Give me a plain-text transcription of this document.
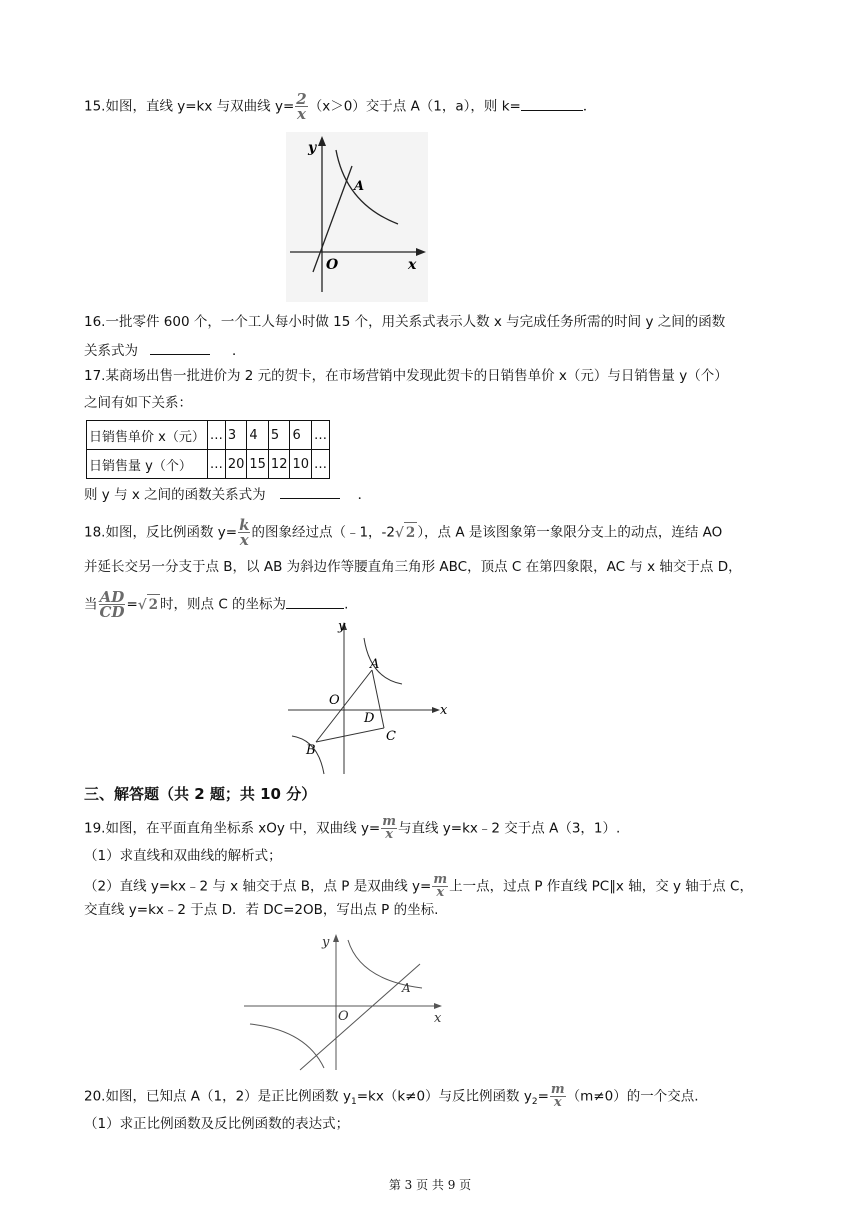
15.如图，直线 y=kx 与双曲线 $y= \frac{2}{x} (x>0)$交于点 A（1，a），则 k=	．
y
x
O
A
16.一批零件 600 个，一个工人每小时做 15 个，用关系式表示人数 x 与完成任务所需的时间 y 之间的函数
关系式为	．
17.某商场出售一批进价为 2 元的贺卡，在市场营销中发现此贺卡的日销售单价 x（元）与日销售量 y（个）
之间有如下关系：
日销售单价 x（元）	…	3	4	5	6	…
日销售量 y（个）	…	20	15	12	10	…
则 y 与 x 之间的函数关系式为	．
18.如图，反比例函数 $y= \frac{k}{x}$ 的图象经过点（﹣1，-2√ 2 ），点 A 是该图象第一象限分支上的动点，连结 AO
并延长交另一分支于点 B，以 AB 为斜边作等腰直角三角形 ABC，顶点 C 在第四象限，AC 与 x 轴交于点 D，
当 $\frac{AD}{CD}$ =√ 2 时，则点 C 的坐标为	.
y
x
O
A
B
C
D
三、解答题（共 2 题；共 10 分）
19.如图，在平面直角坐标系 xOy 中，双曲线 $y= \frac{m}{x}$ 与直线 y=kx﹣2 交于点 A（3，1）.
（1）求直线和双曲线的解析式；
（2）直线 y=kx﹣2 与 x 轴交于点 B，点 P 是双曲线 $y= \frac{m}{x}$ 上一点，过点 P 作直线 PC∥x 轴，交 y 轴于点 C，
交直线 y=kx﹣2 于点 D．若 DC=2OB，写出点 P 的坐标.
y
x
O
A
20.如图，已知点 A（1，2）是正比例函数 $y_1=kx(k\ne 0)$与反比例函数 $y_2= \frac{m}{x} (m\ne 0)$的一个交点.
（1）求正比例函数及反比例函数的表达式；
第 3 页 共 9 页
